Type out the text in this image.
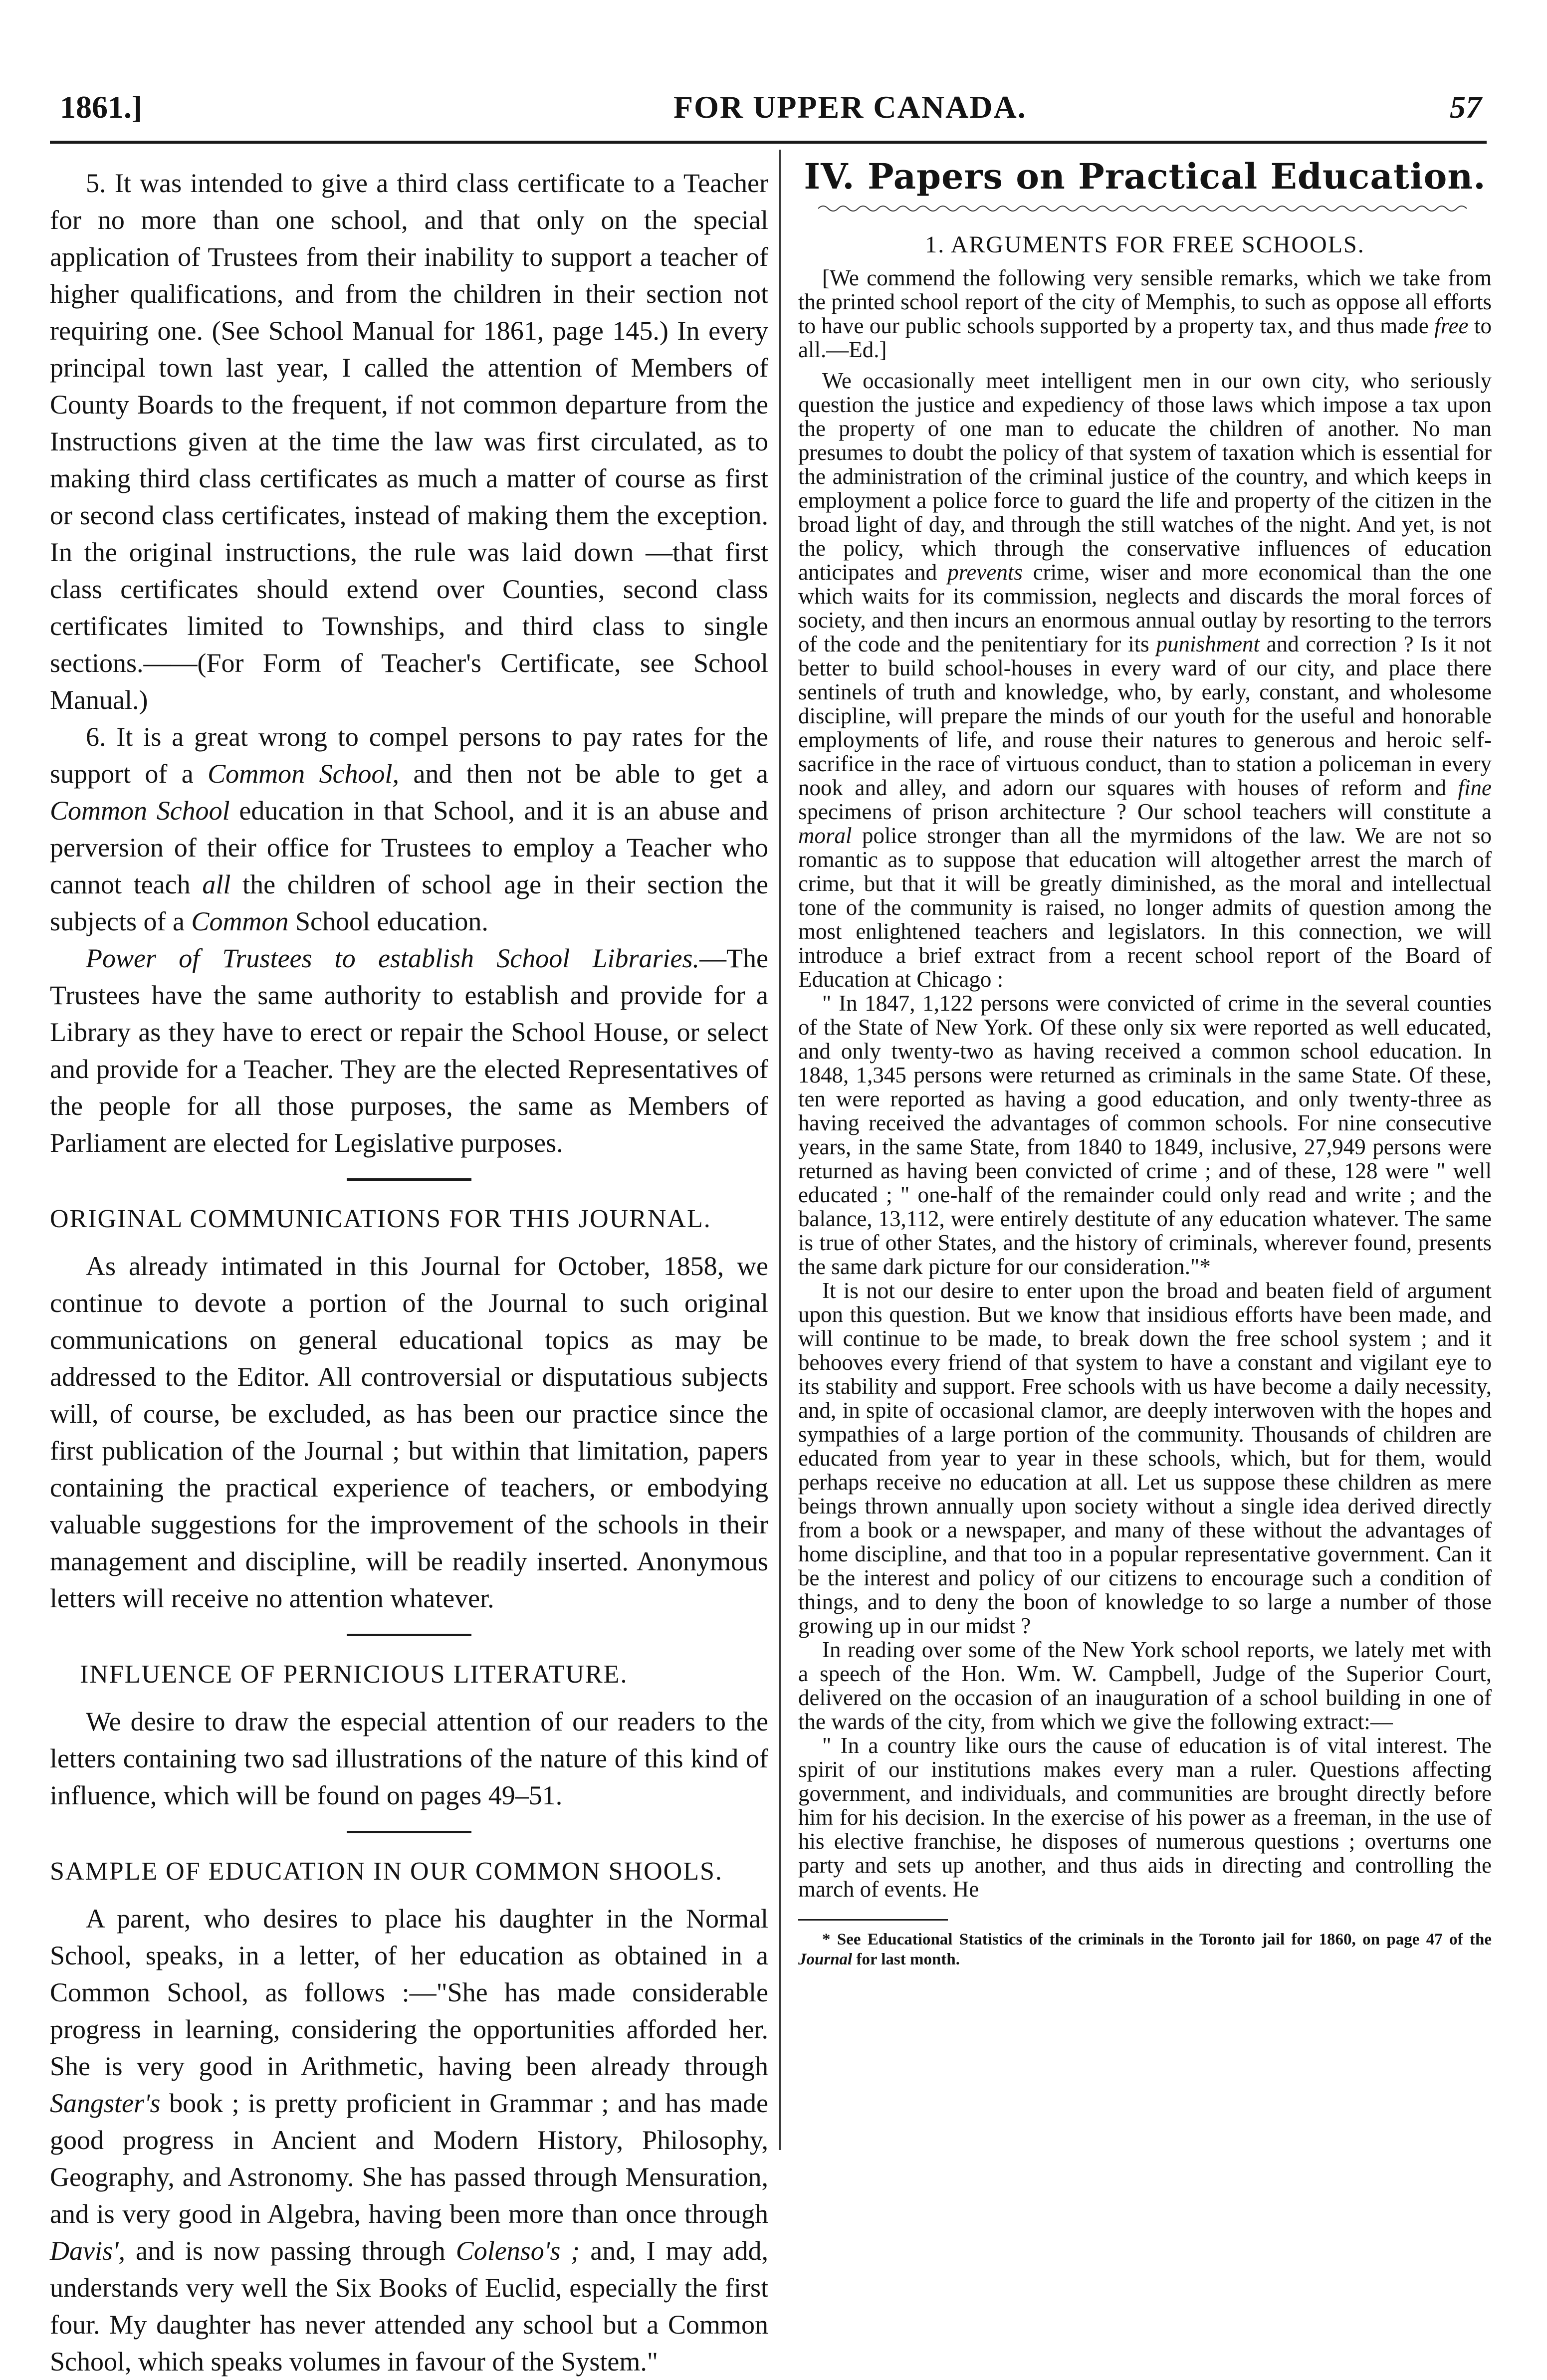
1861.]	FOR UPPER CANADA.	57

5. It was intended to give a third class certificate to a Teacher for no more than one school, and that only on the special application of Trustees from their inability to support a teacher of higher qualifications, and from the children in their section not requiring one. (See School Manual for 1861, page 145.) In every principal town last year, I called the attention of Members of County Boards to the frequent, if not common departure from the Instructions given at the time the law was first circulated, as to making third class certificates as much a matter of course as first or second class certificates, instead of making them the exception. In the original instructions, the rule was laid down —that first class certificates should extend over Counties, second class certificates limited to Townships, and third class to single sections.——(For Form of Teacher's Certificate, see School Manual.)

6. It is a great wrong to compel persons to pay rates for the support of a Common School, and then not be able to get a Common School education in that School, and it is an abuse and perversion of their office for Trustees to employ a Teacher who cannot teach all the children of school age in their section the subjects of a Common School education.

Power of Trustees to establish School Libraries.—The Trustees have the same authority to establish and provide for a Library as they have to erect or repair the School House, or select and provide for a Teacher. They are the elected Representatives of the people for all those purposes, the same as Members of Parliament are elected for Legislative purposes.

ORIGINAL COMMUNICATIONS FOR THIS JOURNAL.

As already intimated in this Journal for October, 1858, we continue to devote a portion of the Journal to such original communications on general educational topics as may be addressed to the Editor. All controversial or disputatious subjects will, of course, be excluded, as has been our practice since the first publication of the Journal ; but within that limitation, papers containing the practical experience of teachers, or embodying valuable suggestions for the improvement of the schools in their management and discipline, will be readily inserted. Anonymous letters will receive no attention whatever.

INFLUENCE OF PERNICIOUS LITERATURE.

We desire to draw the especial attention of our readers to the letters containing two sad illustrations of the nature of this kind of influence, which will be found on pages 49–51.

SAMPLE OF EDUCATION IN OUR COMMON SHOOLS.

A parent, who desires to place his daughter in the Normal School, speaks, in a letter, of her education as obtained in a Common School, as follows :—"She has made considerable progress in learning, considering the opportunities afforded her. She is very good in Arithmetic, having been already through Sangster's book ; is pretty proficient in Grammar ; and has made good progress in Ancient and Modern History, Philosophy, Geography, and Astronomy. She has passed through Mensuration, and is very good in Algebra, having been more than once through Davis', and is now passing through Colenso's ; and, I may add, understands very well the Six Books of Euclid, especially the first four. My daughter has never attended any school but a Common School, which speaks volumes in favour of the System."

IV. Papers on Practical Education.
1. ARGUMENTS FOR FREE SCHOOLS.

[We commend the following very sensible remarks, which we take from the printed school report of the city of Memphis, to such as oppose all efforts to have our public schools supported by a property tax, and thus made free to all.—Ed.]

We occasionally meet intelligent men in our own city, who seriously question the justice and expediency of those laws which impose a tax upon the property of one man to educate the children of another. No man presumes to doubt the policy of that system of taxation which is essential for the administration of the criminal justice of the country, and which keeps in employment a police force to guard the life and property of the citizen in the broad light of day, and through the still watches of the night. And yet, is not the policy, which through the conservative influences of education anticipates and prevents crime, wiser and more economical than the one which waits for its commission, neglects and discards the moral forces of society, and then incurs an enormous annual outlay by resorting to the terrors of the code and the penitentiary for its punishment and correction ? Is it not better to build school-houses in every ward of our city, and place there sentinels of truth and knowledge, who, by early, constant, and wholesome discipline, will prepare the minds of our youth for the useful and honorable employments of life, and rouse their natures to generous and heroic self-sacrifice in the race of virtuous conduct, than to station a policeman in every nook and alley, and adorn our squares with houses of reform and fine specimens of prison architecture ? Our school teachers will constitute a moral police stronger than all the myrmidons of the law. We are not so romantic as to suppose that education will altogether arrest the march of crime, but that it will be greatly diminished, as the moral and intellectual tone of the community is raised, no longer admits of question among the most enlightened teachers and legislators. In this connection, we will introduce a brief extract from a recent school report of the Board of Education at Chicago :

" In 1847, 1,122 persons were convicted of crime in the several counties of the State of New York. Of these only six were reported as well educated, and only twenty-two as having received a common school education. In 1848, 1,345 persons were returned as criminals in the same State. Of these, ten were reported as having a good education, and only twenty-three as having received the advantages of common schools. For nine consecutive years, in the same State, from 1840 to 1849, inclusive, 27,949 persons were returned as having been convicted of crime ; and of these, 128 were " well educated ; " one-half of the remainder could only read and write ; and the balance, 13,112, were entirely destitute of any education whatever. The same is true of other States, and the history of criminals, wherever found, presents the same dark picture for our consideration."*

It is not our desire to enter upon the broad and beaten field of argument upon this question. But we know that insidious efforts have been made, and will continue to be made, to break down the free school system ; and it behooves every friend of that system to have a constant and vigilant eye to its stability and support. Free schools with us have become a daily necessity, and, in spite of occasional clamor, are deeply interwoven with the hopes and sympathies of a large portion of the community. Thousands of children are educated from year to year in these schools, which, but for them, would perhaps receive no education at all. Let us suppose these children as mere beings thrown annually upon society without a single idea derived directly from a book or a newspaper, and many of these without the advantages of home discipline, and that too in a popular representative government. Can it be the interest and policy of our citizens to encourage such a condition of things, and to deny the boon of knowledge to so large a number of those growing up in our midst ?

In reading over some of the New York school reports, we lately met with a speech of the Hon. Wm. W. Campbell, Judge of the Superior Court, delivered on the occasion of an inauguration of a school building in one of the wards of the city, from which we give the following extract:—

" In a country like ours the cause of education is of vital interest. The spirit of our institutions makes every man a ruler. Questions affecting government, and individuals, and communities are brought directly before him for his decision. In the exercise of his power as a freeman, in the use of his elective franchise, he disposes of numerous questions ; overturns one party and sets up another, and thus aids in directing and controlling the march of events. He

* See Educational Statistics of the criminals in the Toronto jail for 1860, on page 47 of the Journal for last month.
